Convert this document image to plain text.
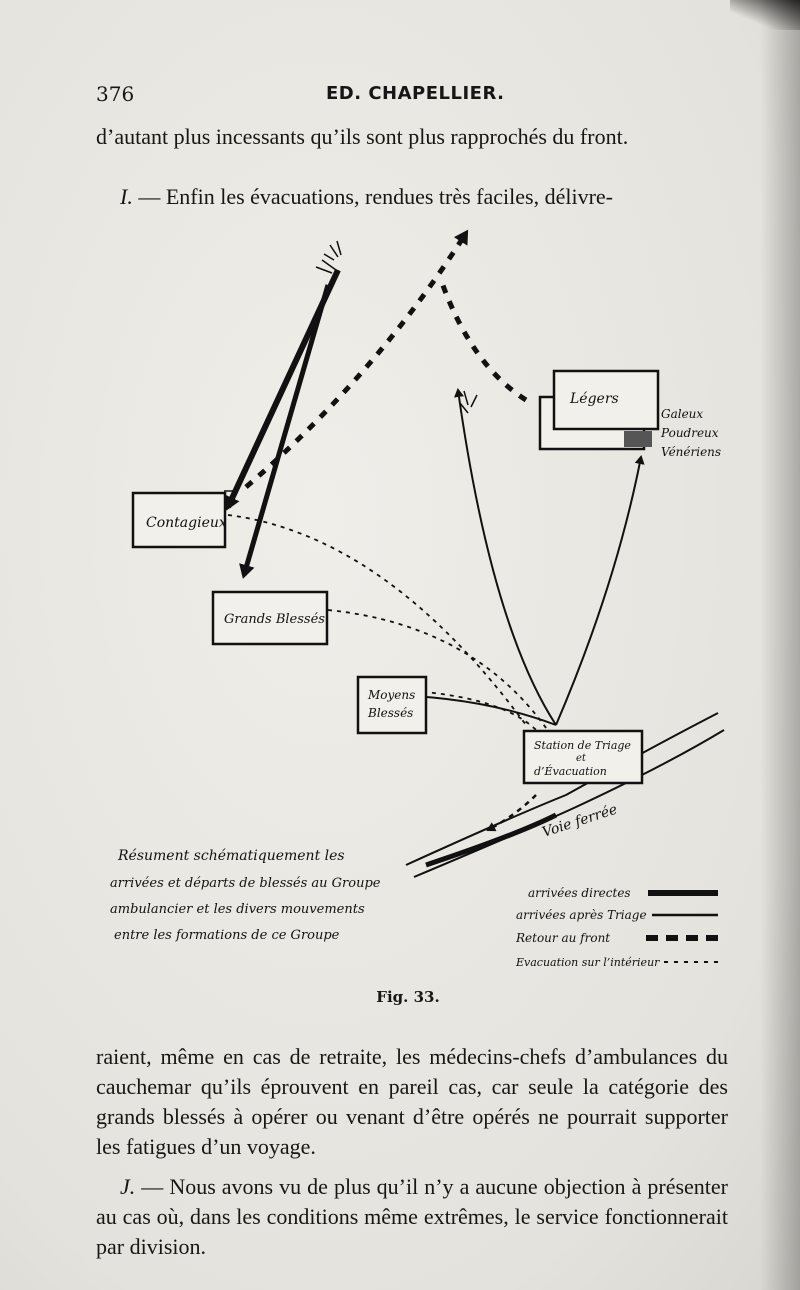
376	ED. CHAPELLIER.

d’autant plus incessants qu’ils sont plus rapprochés du front.

I. — Enfin les évacuations, rendues très faciles, délivre-

Contagieux
Grands Blessés
Moyens
Blessés
Légers
Galeux
Poudreux
Vénériens
Station de Triage
et
d’Évacuation
Voie ferrée
Résument schématiquement les
arrivées et départs de blessés au Groupe
ambulancier et les divers mouvements
entre les formations de ce Groupe
arrivées directes
arrivées après Triage
Retour au front
Evacuation sur l’intérieur
Fig. 33.

raient, même en cas de retraite, les médecins-chefs d’ambulances du cauchemar qu’ils éprouvent en pareil cas, car seule la catégorie des grands blessés à opérer ou venant d’être opérés ne pourrait supporter les fatigues d’un voyage.

J. — Nous avons vu de plus qu’il n’y a aucune objection à présenter au cas où, dans les conditions même extrêmes, le service fonctionnerait par division.
